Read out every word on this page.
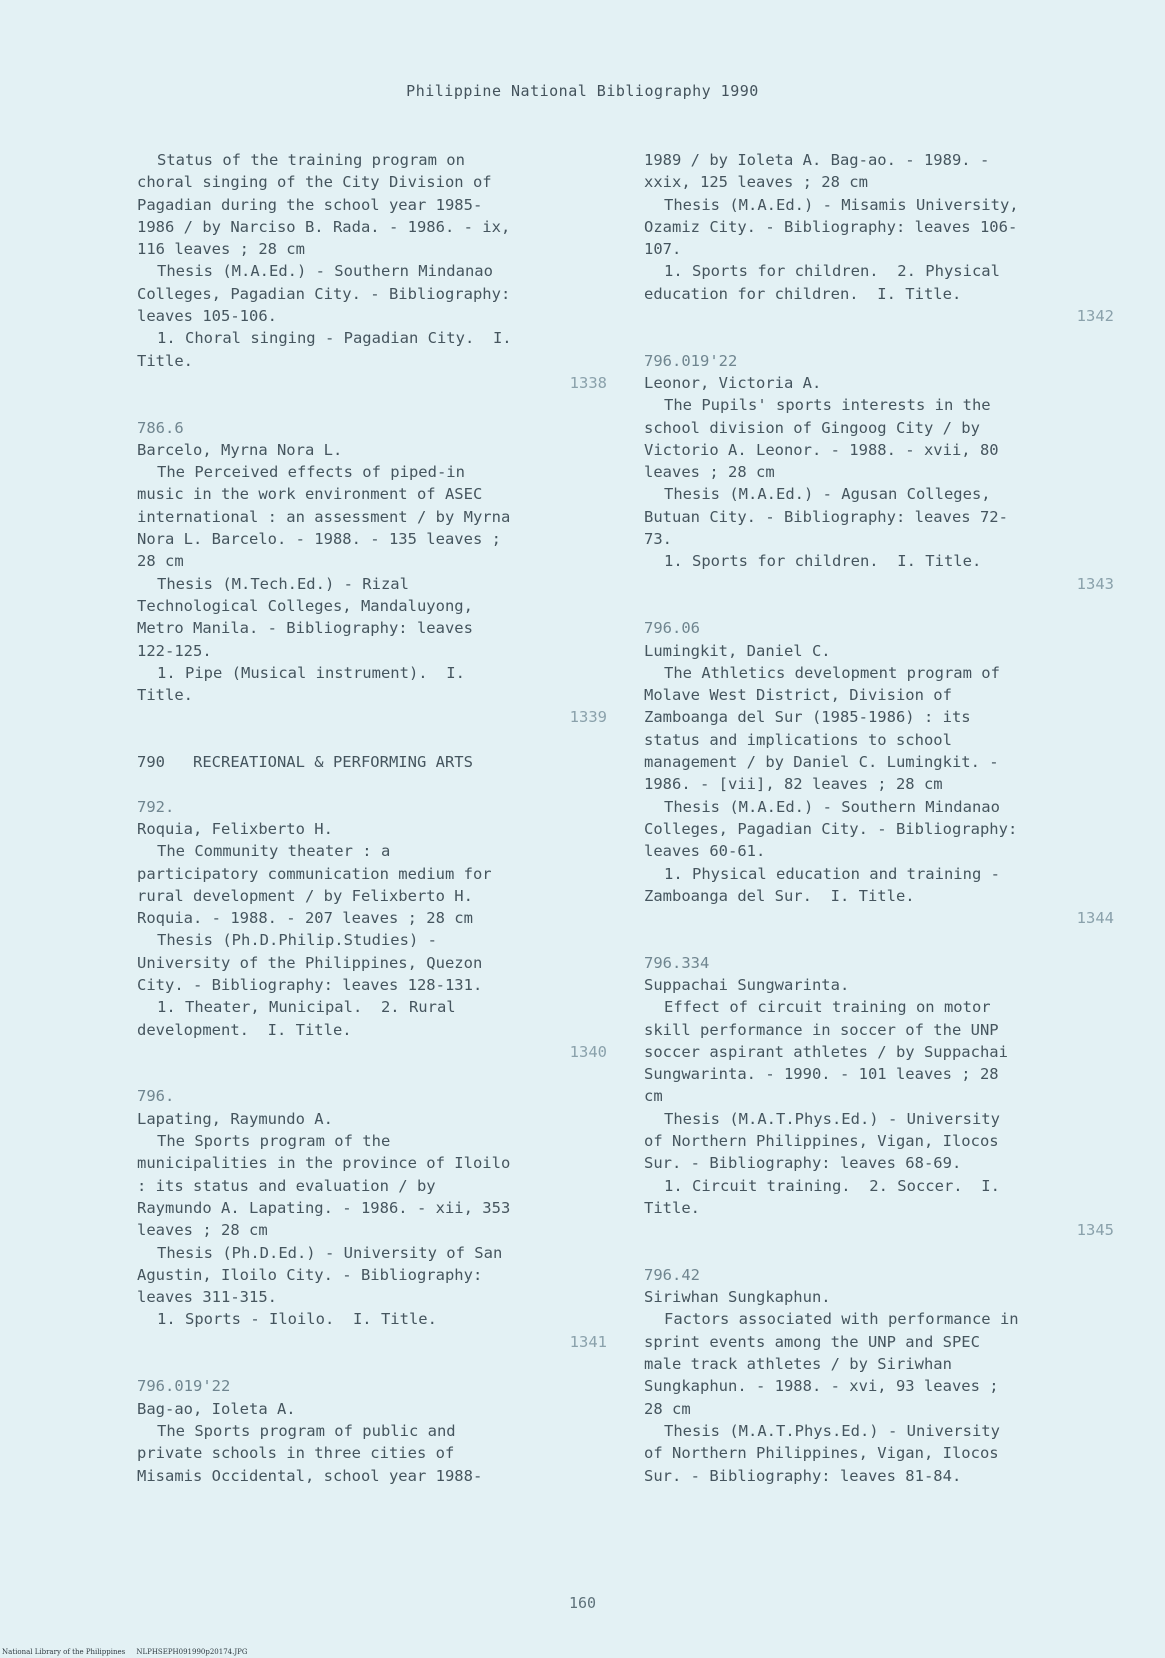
Philippine National Bibliography 1990
Status of the training program on
choral singing of the City Division of
Pagadian during the school year 1985-
1986 / by Narciso B. Rada. - 1986. - ix,
116 leaves ; 28 cm
Thesis (M.A.Ed.) - Southern Mindanao
Colleges, Pagadian City. - Bibliography:
leaves 105-106.
1. Choral singing - Pagadian City.  I.
Title.
1338
786.6
Barcelo, Myrna Nora L.
The Perceived effects of piped-in
music in the work environment of ASEC
international : an assessment / by Myrna
Nora L. Barcelo. - 1988. - 135 leaves ;
28 cm
Thesis (M.Tech.Ed.) - Rizal
Technological Colleges, Mandaluyong,
Metro Manila. - Bibliography: leaves
122-125.
1. Pipe (Musical instrument).  I.
Title.
1339
790   RECREATIONAL & PERFORMING ARTS
792.
Roquia, Felixberto H.
The Community theater : a
participatory communication medium for
rural development / by Felixberto H.
Roquia. - 1988. - 207 leaves ; 28 cm
Thesis (Ph.D.Philip.Studies) -
University of the Philippines, Quezon
City. - Bibliography: leaves 128-131.
1. Theater, Municipal.  2. Rural
development.  I. Title.
1340
796.
Lapating, Raymundo A.
The Sports program of the
municipalities in the province of Iloilo
: its status and evaluation / by
Raymundo A. Lapating. - 1986. - xii, 353
leaves ; 28 cm
Thesis (Ph.D.Ed.) - University of San
Agustin, Iloilo City. - Bibliography:
leaves 311-315.
1. Sports - Iloilo.  I. Title.
1341
796.019'22
Bag-ao, Ioleta A.
The Sports program of public and
private schools in three cities of
Misamis Occidental, school year 1988-
1989 / by Ioleta A. Bag-ao. - 1989. -
xxix, 125 leaves ; 28 cm
Thesis (M.A.Ed.) - Misamis University,
Ozamiz City. - Bibliography: leaves 106-
107.
1. Sports for children.  2. Physical
education for children.  I. Title.
1342
796.019'22
Leonor, Victoria A.
The Pupils' sports interests in the
school division of Gingoog City / by
Victorio A. Leonor. - 1988. - xvii, 80
leaves ; 28 cm
Thesis (M.A.Ed.) - Agusan Colleges,
Butuan City. - Bibliography: leaves 72-
73.
1. Sports for children.  I. Title.
1343
796.06
Lumingkit, Daniel C.
The Athletics development program of
Molave West District, Division of
Zamboanga del Sur (1985-1986) : its
status and implications to school
management / by Daniel C. Lumingkit. -
1986. - [vii], 82 leaves ; 28 cm
Thesis (M.A.Ed.) - Southern Mindanao
Colleges, Pagadian City. - Bibliography:
leaves 60-61.
1. Physical education and training -
Zamboanga del Sur.  I. Title.
1344
796.334
Suppachai Sungwarinta.
Effect of circuit training on motor
skill performance in soccer of the UNP
soccer aspirant athletes / by Suppachai
Sungwarinta. - 1990. - 101 leaves ; 28
cm
Thesis (M.A.T.Phys.Ed.) - University
of Northern Philippines, Vigan, Ilocos
Sur. - Bibliography: leaves 68-69.
1. Circuit training.  2. Soccer.  I.
Title.
1345
796.42
Siriwhan Sungkaphun.
Factors associated with performance in
sprint events among the UNP and SPEC
male track athletes / by Siriwhan
Sungkaphun. - 1988. - xvi, 93 leaves ;
28 cm
Thesis (M.A.T.Phys.Ed.) - University
of Northern Philippines, Vigan, Ilocos
Sur. - Bibliography: leaves 81-84.
160
National Library of the Philippines     NLPHSEPH091990p20174.JPG
